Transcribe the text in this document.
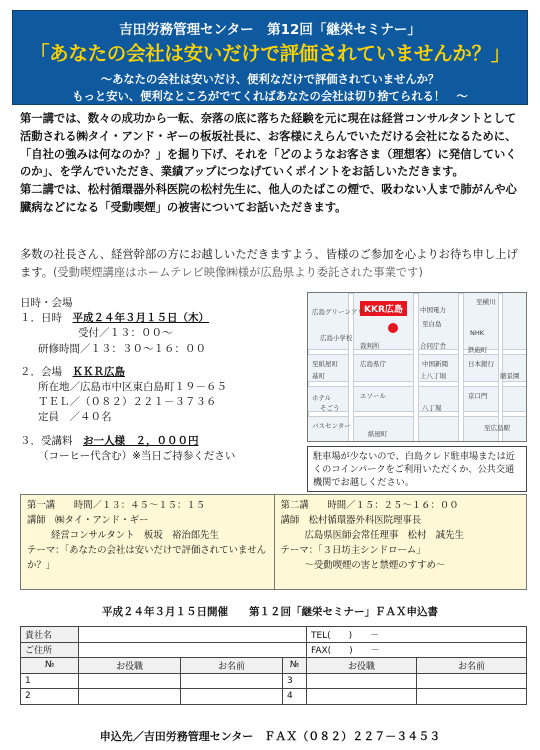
吉田労務管理センター　第12回「継栄セミナー」
「あなたの会社は安いだけで評価されていませんか？」
～あなたの会社は安いだけ、便利なだけで評価されていませんか？
もっと安い、便利なところがでてくればあなたの会社は切り捨てられる！　～

第一講では、数々の成功から一転、奈落の底に落ちた経験を元に現在は経営コンサルタントとして活動される㈱タイ・アンド・ギーの板坂社長に、お客様にえらんでいただける会社になるために、「自社の強みは何なのか？」を掘り下げ、それを「どのようなお客さま（理想客）に発信していくのか」、を学んでいただき、業績アップにつなげていくポイントをお話しいただきます。

第二講では、松村循環器外科医院の松村先生に、他人のたばこの煙で、吸わない人まで肺がんや心臓病などになる「受動喫煙」の被害についてお話いただきます。

多数の社長さん、経営幹部の方にお越しいただきますよう、皆様のご参加を心よりお待ち申し上げます。(受動喫煙講座はホームテレビ映像㈱様が広島県より委託された事業です)
日時・会場
１．日時　 平成２４年３月１５日（木）
受付／１３：００～
研修時間／１３：３０～１６：００
２．会場　 ＫＫＲ広島
所在地／広島市中区東白島町１９－６５
ＴＥＬ／（０８２）２２１－３７３６
定員　／４０名
３．受講料　 お一人様　２，０００円
（コーヒー代含む）※当日ご持参ください
KKR広島
至横川
中国電力
広島グリーンアリーナ
至白島
広島小学校
NHK
裁判所	鉄砲町
合同庁舎
至紙屋町	広島県庁	中国新聞	日本銀行
縮景園
基町	上八丁堀
京口門
エソール
八丁堀
至広島駅
ホテル
そごう
バスセンター
紙屋町
駐車場が少ないので、白島クレド駐車場または近くのコインパークをご利用いただくか、公共交通機関でお越しください。
第一講　　時間／１３：４５～１５：１５
講師　㈱タイ・アンド・ギー
経営コンサルタント　板坂　裕治郎先生
テーマ：「あなたの会社は安いだけで評価されていませんか？」
第二講　　時間／１５：２５～１６：００
講師　松村循環器外科医院理事長
広島県医師会常任理事　松村　誠先生
テーマ：「３日坊主シンドローム」
～受動喫煙の害と禁煙のすすめ～
平成２４年３月１５日開催　　第１２回「継栄セミナー」ＦＡＸ申込書
貴社名				TEL(　　)　　－	
ご住所				FAX(　　)　　－	
№	お役職	お名前	№	お役職	お名前
1			3		
2			4		
申込先／吉田労務管理センター　ＦＡＸ（０８２）２２７－３４５３
